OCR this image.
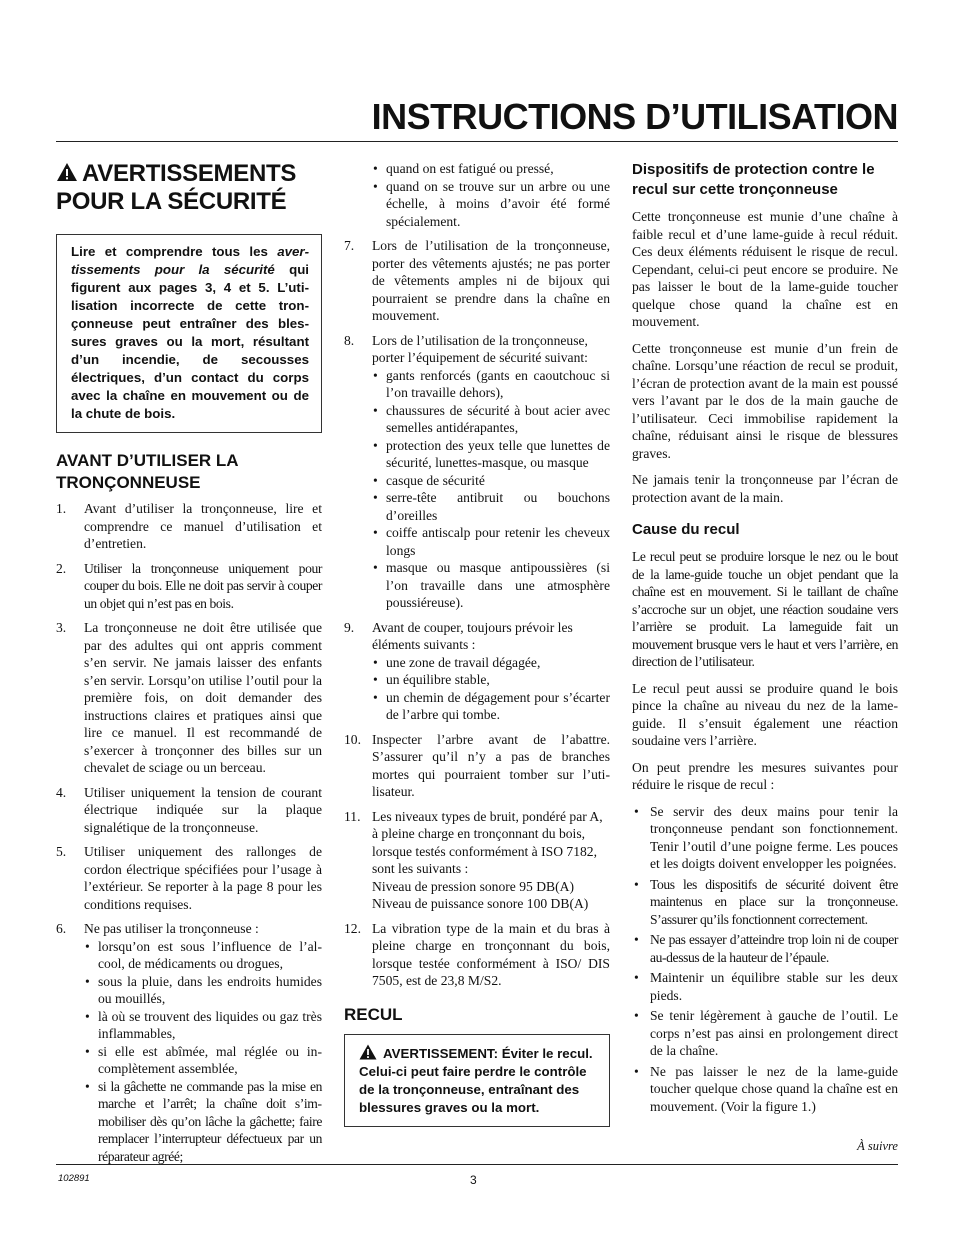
INSTRUCTIONS D’UTILISATION
AVERTISSEMENTS
POUR LA SÉCURITÉ
Lire et comprendre tous les avertissements pour la sécurité qui figurent aux pages 3, 4 et 5. L’utilisation incorrecte de cette tronçonneuse peut entraîner des blessures graves ou la mort, résultant d’un incendie, de secousses électriques, d’un contact du corps avec la chaîne en mouvement ou de la chute de bois.
AVANT D’UTILISER LA TRONÇONNEUSE
1. Avant d’utiliser la tronçonneuse, lire et comprendre ce manuel d’utilisation et d’entretien.
2. Utiliser la tronçonneuse uniquement pour couper du bois. Elle ne doit pas servir à couper un objet qui n’est pas en bois.
3. La tronçonneuse ne doit être utilisée que par des adultes qui ont appris comment s’en servir. Ne jamais laisser des enfants s’en servir. Lorsqu’on utilise l’outil pour la première fois, on doit demander des instructions claires et pratiques ainsi que lire ce manuel. Il est recommandé de s’exercer à tronçonner des billes sur un chevalet de sciage ou un berceau.
4. Utiliser uniquement la tension de courant électrique indiquée sur la plaque signalétique de la tronçonneuse.
5. Utiliser uniquement des rallonges de cordon électrique spécifiées pour l’usage à l’extérieur. Se reporter à la page 8 pour les conditions requises.
6. Ne pas utiliser la tronçonneuse :
• lorsqu’on est sous l’influence de l’alcool, de médicaments ou drogues,
• sous la pluie, dans les endroits humides ou mouillés,
• là où se trouvent des liquides ou gaz très inflammables,
• si elle est abîmée, mal réglée ou incomplètement assemblée,
• si la gâchette ne commande pas la mise en marche et l’arrêt; la chaîne doit s’immobiliser dès qu’on lâche la gâchette; faire remplacer l’interrupteur défectueux par un réparateur agréé;
• quand on est fatigué ou pressé,
• quand on se trouve sur un arbre ou une échelle, à moins d’avoir été formé spécialement.
7. Lors de l’utilisation de la tronçonneuse, porter des vêtements ajustés; ne pas porter de vêtements amples ni de bijoux qui pourraient se prendre dans la chaîne en mouvement.
8. Lors de l’utilisation de la tronçonneuse, porter l’équipement de sécurité suivant:
• gants renforcés (gants en caoutchouc si l’on travaille dehors),
• chaussures de sécurité à bout acier avec semelles antidérapantes,
• protection des yeux telle que lunettes de sécurité, lunettes-masque, ou masque
• casque de sécurité
• serre-tête antibruit ou bouchons d’oreilles
• coiffe antiscalp pour retenir les cheveux longs
• masque ou masque antipoussières (si l’on travaille dans une atmosphère poussiéreuse).
9. Avant de couper, toujours prévoir les éléments suivants :
• une zone de travail dégagée,
• un équilibre stable,
• un chemin de dégagement pour s’écarter de l’arbre qui tombe.
10. Inspecter l’arbre avant de l’abattre. S’assurer qu’il n’y a pas de branches mortes qui pourraient tomber sur l’utilisateur.
11. Les niveaux types de bruit, pondéré par A, à pleine charge en tronçonnant du bois, lorsque testés conformément à ISO 7182, sont les suivants :
Niveau de pression sonore 95 DB(A)
Niveau de puissance sonore 100 DB(A)
12. La vibration type de la main et du bras à pleine charge en tronçonnant du bois, lorsque testée conformément à ISO/ DIS 7505, est de 23,8 M/S2.
RECUL
AVERTISSEMENT: Éviter le recul. Celui-ci peut faire perdre le contrôle de la tronçonneuse, entraînant des blessures graves ou la mort.
Dispositifs de protection contre le recul sur cette tronçonneuse

Cette tronçonneuse est munie d’une chaîne à faible recul et d’une lame-guide à recul réduit. Ces deux éléments réduisent le risque de recul. Cependant, celui-ci peut encore se produire. Ne pas laisser le bout de la lame-guide toucher quelque chose quand la chaîne est en mouvement.

Cette tronçonneuse est munie d’un frein de chaîne. Lorsqu’une réaction de recul se produit, l’écran de protection avant de la main est poussé vers l’avant par le dos de la main gauche de l’utilisateur. Ceci immobilise rapidement la chaîne, réduisant ainsi le risque de blessures graves.

Ne jamais tenir la tronçonneuse par l’écran de protection avant de la main.

Cause du recul

Le recul peut se produire lorsque le nez ou le bout de la lame-guide touche un objet pendant que la chaîne est en mouvement. Si le taillant de chaîne s’accroche sur un objet, une réaction soudaine vers l’arrière se produit. La lameguide fait un mouvement brusque vers le haut et vers l’arrière, en direction de l’utilisateur.

Le recul peut aussi se produire quand le bois pince la chaîne au niveau du nez de la lameguide. Il s’ensuit également une réaction soudaine vers l’arrière.

On peut prendre les mesures suivantes pour réduire le risque de recul :

• Se servir des deux mains pour tenir la tronçonneuse pendant son fonctionnement. Tenir l’outil d’une poigne ferme. Les pouces et les doigts doivent envelopper les poignées.
• Tous les dispositifs de sécurité doivent être maintenus en place sur la tronçonneuse. S’assurer qu’ils fonctionnent correctement.
• Ne pas essayer d’atteindre trop loin ni de couper au-dessus de la hauteur de l’épaule.
• Maintenir un équilibre stable sur les deux pieds.
• Se tenir légèrement à gauche de l’outil. Le corps n’est pas ainsi en prolongement direct de la chaîne.
• Ne pas laisser le nez de la lame-guide toucher quelque chose quand la chaîne est en mouvement. (Voir la figure 1.)

À suivre

102891	3
